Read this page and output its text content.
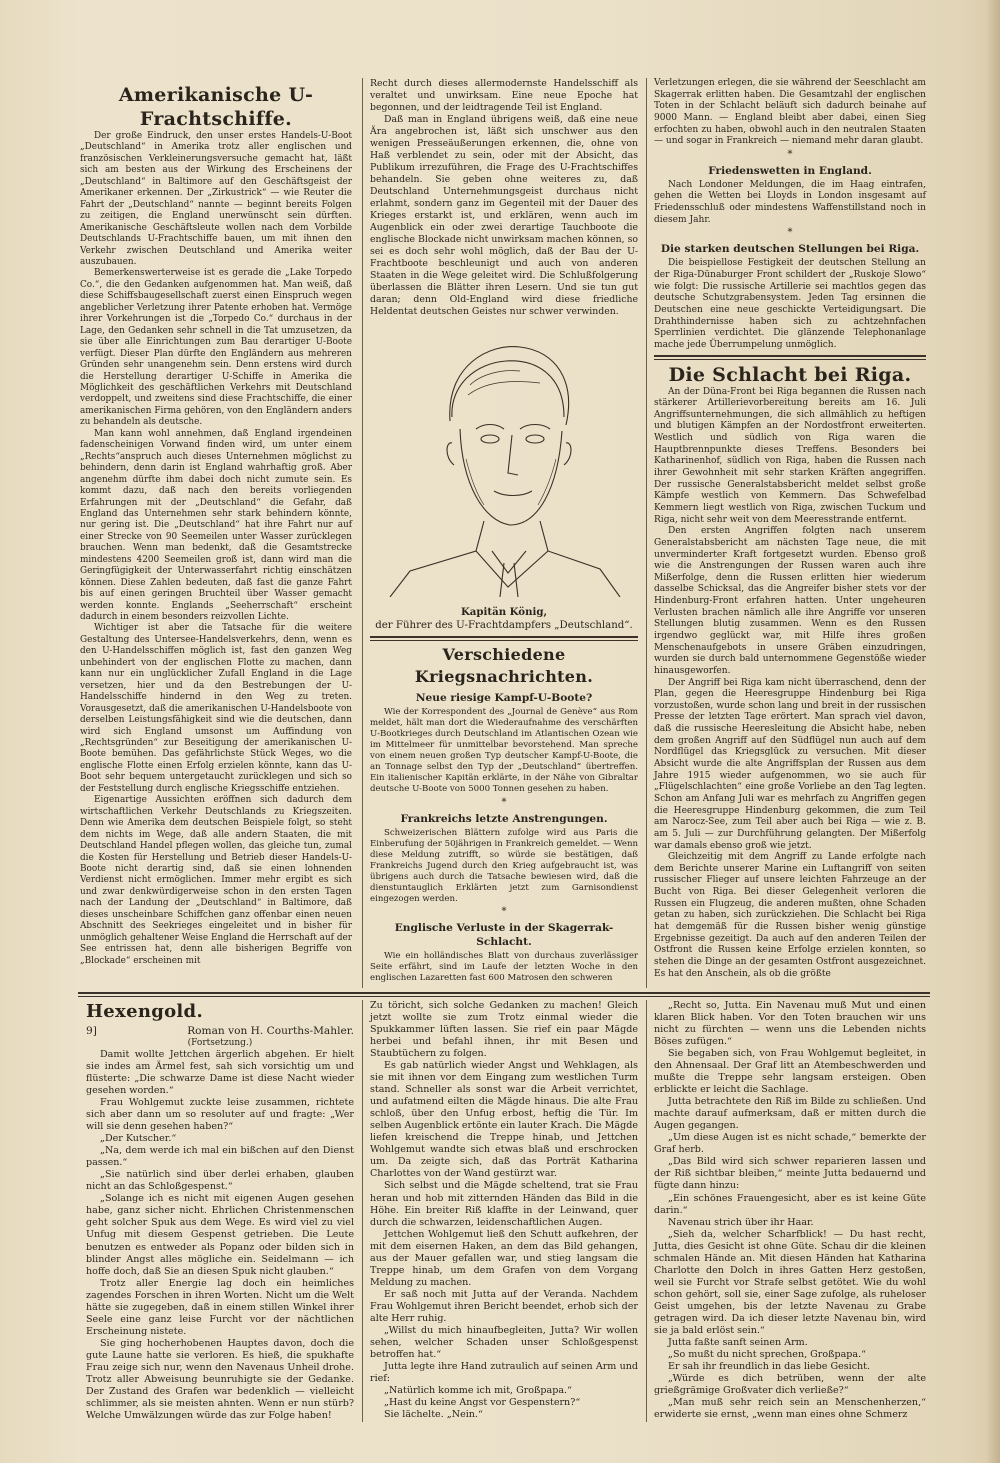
Amerikanische U-Frachtschiffe.

Der große Eindruck, den unser erstes Handels-U-Boot „Deutschland“ in Amerika trotz aller englischen und französischen Verkleinerungsversuche gemacht hat, läßt sich am besten aus der Wirkung des Erscheinens der „Deutschland“ in Baltimore auf den Geschäftsgeist der Amerikaner erkennen. Der „Zirkustrick“ — wie Reuter die Fahrt der „Deutschland“ nannte — beginnt bereits Folgen zu zeitigen, die England unerwünscht sein dürften. Amerikanische Geschäftsleute wollen nach dem Vorbilde Deutschlands U-Frachtschiffe bauen, um mit ihnen den Verkehr zwischen Deutschland und Amerika weiter auszubauen.

Bemerkenswerterweise ist es gerade die „Lake Torpedo Co.“, die den Gedanken aufgenommen hat. Man weiß, daß diese Schiffsbaugesellschaft zuerst einen Einspruch wegen angeblicher Verletzung ihrer Patente erhoben hat. Vermöge ihrer Vorkehrungen ist die „Torpedo Co.“ durchaus in der Lage, den Gedanken sehr schnell in die Tat umzusetzen, da sie über alle Einrichtungen zum Bau derartiger U-Boote verfügt. Dieser Plan dürfte den Engländern aus mehreren Gründen sehr unangenehm sein. Denn erstens wird durch die Herstellung derartiger U-Schiffe in Amerika die Möglichkeit des geschäftlichen Verkehrs mit Deutschland verdoppelt, und zweitens sind diese Frachtschiffe, die einer amerikanischen Firma gehören, von den Engländern anders zu behandeln als deutsche.

Man kann wohl annehmen, daß England irgendeinen fadenscheinigen Vorwand finden wird, um unter einem „Rechts“anspruch auch dieses Unternehmen möglichst zu behindern, denn darin ist England wahrhaftig groß. Aber angenehm dürfte ihm dabei doch nicht zumute sein. Es kommt dazu, daß nach den bereits vorliegenden Erfahrungen mit der „Deutschland“ die Gefahr, daß England das Unternehmen sehr stark behindern könnte, nur gering ist. Die „Deutschland“ hat ihre Fahrt nur auf einer Strecke von 90 Seemeilen unter Wasser zurücklegen brauchen. Wenn man bedenkt, daß die Gesamtstrecke mindestens 4200 Seemeilen groß ist, dann wird man die Geringfügigkeit der Unterwasserfahrt richtig einschätzen können. Diese Zahlen bedeuten, daß fast die ganze Fahrt bis auf einen geringen Bruchteil über Wasser gemacht werden konnte. Englands „Seeherrschaft“ erscheint dadurch in einem besonders reizvollen Lichte.

Wichtiger ist aber die Tatsache für die weitere Gestaltung des Untersee-Handelsverkehrs, denn, wenn es den U-Handelsschiffen möglich ist, fast den ganzen Weg unbehindert von der englischen Flotte zu machen, dann kann nur ein unglücklicher Zufall England in die Lage versetzen, hier und da den Bestrebungen der U-Handelsschiffe hindernd in den Weg zu treten. Vorausgesetzt, daß die amerikanischen U-Handelsboote von derselben Leistungsfähigkeit sind wie die deutschen, dann wird sich England umsonst um Auffindung von „Rechtsgründen“ zur Beseitigung der amerikanischen U-Boote bemühen. Das gefährlichste Stück Weges, wo die englische Flotte einen Erfolg erzielen könnte, kann das U-Boot sehr bequem untergetaucht zurücklegen und sich so der Feststellung durch englische Kriegsschiffe entziehen.

Eigenartige Aussichten eröffnen sich dadurch dem wirtschaftlichen Verkehr Deutschlands zu Kriegszeiten. Denn wie Amerika dem deutschen Beispiele folgt, so steht dem nichts im Wege, daß alle andern Staaten, die mit Deutschland Handel pflegen wollen, das gleiche tun, zumal die Kosten für Herstellung und Betrieb dieser Handels-U-Boote nicht derartig sind, daß sie einen lohnenden Verdienst nicht ermöglichen. Immer mehr ergibt es sich und zwar denkwürdigerweise schon in den ersten Tagen nach der Landung der „Deutschland“ in Baltimore, daß dieses unscheinbare Schiffchen ganz offenbar einen neuen Abschnitt des Seekrieges eingeleitet und in bisher für unmöglich gehaltener Weise England die Herrschaft auf der See entrissen hat, denn alle bisherigen Begriffe von „Blockade“ erscheinen mit

Recht durch dieses allermodernste Handelsschiff als veraltet und unwirksam. Eine neue Epoche hat begonnen, und der leidtragende Teil ist England.

Daß man in England übrigens weiß, daß eine neue Ära angebrochen ist, läßt sich unschwer aus den wenigen Presseäußerungen erkennen, die, ohne von Haß verblendet zu sein, oder mit der Absicht, das Publikum irrezuführen, die Frage des U-Frachtschiffes behandeln. Sie geben ohne weiteres zu, daß Deutschland Unternehmungsgeist durchaus nicht erlahmt, sondern ganz im Gegenteil mit der Dauer des Krieges erstarkt ist, und erklären, wenn auch im Augenblick ein oder zwei derartige Tauchboote die englische Blockade nicht unwirksam machen können, so sei es doch sehr wohl möglich, daß der Bau der U-Frachtboote beschleunigt und auch von anderen Staaten in die Wege geleitet wird. Die Schlußfolgerung überlassen die Blätter ihren Lesern. Und sie tun gut daran; denn Old-England wird diese friedliche Heldentat deutschen Geistes nur schwer verwinden.

Kapitän König,
der Führer des U-Frachtdampfers „Deutschland“.
Verschiedene Kriegsnachrichten.
Neue riesige Kampf-U-Boote?

Wie der Korrespondent des „Journal de Genève“ aus Rom meldet, hält man dort die Wiederaufnahme des verschärften U-Bootkrieges durch Deutschland im Atlantischen Ozean wie im Mittelmeer für unmittelbar bevorstehend. Man spreche von einem neuen großen Typ deutscher Kampf-U-Boote, die an Tonnage selbst den Typ der „Deutschland“ übertreffen. Ein italienischer Kapitän erklärte, in der Nähe von Gibraltar deutsche U-Boote von 5000 Tonnen gesehen zu haben.

*
Frankreichs letzte Anstrengungen.

Schweizerischen Blättern zufolge wird aus Paris die Einberufung der 50jährigen in Frankreich gemeldet. — Wenn diese Meldung zutrifft, so würde sie bestätigen, daß Frankreichs Jugend durch den Krieg aufgebraucht ist, was übrigens auch durch die Tatsache bewiesen wird, daß die dienstuntauglich Erklärten jetzt zum Garnisondienst eingezogen werden.

*
Englische Verluste in der Skagerrak-Schlacht.

Wie ein holländisches Blatt von durchaus zuverlässiger Seite erfährt, sind im Laufe der letzten Woche in den englischen Lazaretten fast 600 Matrosen den schweren

Verletzungen erlegen, die sie während der Seeschlacht am Skagerrak erlitten haben. Die Gesamtzahl der englischen Toten in der Schlacht beläuft sich dadurch beinahe auf 9000 Mann. — England bleibt aber dabei, einen Sieg erfochten zu haben, obwohl auch in den neutralen Staaten — und sogar in Frankreich — niemand mehr daran glaubt.

*
Friedenswetten in England.

Nach Londoner Meldungen, die im Haag eintrafen, gehen die Wetten bei Lloyds in London insgesamt auf Friedensschluß oder mindestens Waffenstillstand noch in diesem Jahr.

*
Die starken deutschen Stellungen bei Riga.

Die beispiellose Festigkeit der deutschen Stellung an der Riga-Dünaburger Front schildert der „Ruskoje Slowo“ wie folgt: Die russische Artillerie sei machtlos gegen das deutsche Schutzgrabensystem. Jeden Tag ersinnen die Deutschen eine neue geschickte Verteidigungsart. Die Drahthindernisse haben sich zu achtzehnfachen Sperrlinien verdichtet. Die glänzende Telephonanlage mache jede Überrumpelung unmöglich.

Die Schlacht bei Riga.

An der Düna-Front bei Riga begannen die Russen nach stärkerer Artillerievorbereitung bereits am 16. Juli Angriffsunternehmungen, die sich allmählich zu heftigen und blutigen Kämpfen an der Nordostfront erweiterten. Westlich und südlich von Riga waren die Hauptbrennpunkte dieses Treffens. Besonders bei Katharinenhof, südlich von Riga, haben die Russen nach ihrer Gewohnheit mit sehr starken Kräften angegriffen. Der russische Generalstabsbericht meldet selbst große Kämpfe westlich von Kemmern. Das Schwefelbad Kemmern liegt westlich von Riga, zwischen Tuckum und Riga, nicht sehr weit von dem Meeresstrande entfernt.

Den ersten Angriffen folgten nach unserem Generalstabsbericht am nächsten Tage neue, die mit unverminderter Kraft fortgesetzt wurden. Ebenso groß wie die Anstrengungen der Russen waren auch ihre Mißerfolge, denn die Russen erlitten hier wiederum dasselbe Schicksal, das die Angreifer bisher stets vor der Hindenburg-Front erfahren hatten. Unter ungeheuren Verlusten brachen nämlich alle ihre Angriffe vor unseren Stellungen blutig zusammen. Wenn es den Russen irgendwo geglückt war, mit Hilfe ihres großen Menschenaufgebots in unsere Gräben einzudringen, wurden sie durch bald unternommene Gegenstöße wieder hinausgeworfen.

Der Angriff bei Riga kam nicht überraschend, denn der Plan, gegen die Heeresgruppe Hindenburg bei Riga vorzustoßen, wurde schon lang und breit in der russischen Presse der letzten Tage erörtert. Man sprach viel davon, daß die russische Heeresleitung die Absicht habe, neben dem großen Angriff auf den Südflügel nun auch auf dem Nordflügel das Kriegsglück zu versuchen. Mit dieser Absicht wurde die alte Angriffsplan der Russen aus dem Jahre 1915 wieder aufgenommen, wo sie auch für „Flügelschlachten“ eine große Vorliebe an den Tag legten. Schon am Anfang Juli war es mehrfach zu Angriffen gegen die Heeresgruppe Hindenburg gekommen, die zum Teil am Narocz-See, zum Teil aber auch bei Riga — wie z. B. am 5. Juli — zur Durchführung gelangten. Der Mißerfolg war damals ebenso groß wie jetzt.

Gleichzeitig mit dem Angriff zu Lande erfolgte nach dem Berichte unserer Marine ein Luftangriff von seiten russischer Flieger auf unsere leichten Fahrzeuge an der Bucht von Riga. Bei dieser Gelegenheit verloren die Russen ein Flugzeug, die anderen mußten, ohne Schaden getan zu haben, sich zurückziehen. Die Schlacht bei Riga hat demgemäß für die Russen bisher wenig günstige Ergebnisse gezeitigt. Da auch auf den anderen Teilen der Ostfront die Russen keine Erfolge erzielen konnten, so stehen die Dinge an der gesamten Ostfront ausgezeichnet. Es hat den Anschein, als ob die größte

Hexengold.
9]	Roman von H. Courths-Mahler.
(Fortsetzung.)

Damit wollte Jettchen ärgerlich abgehen. Er hielt sie indes am Ärmel fest, sah sich vorsichtig um und flüsterte: „Die schwarze Dame ist diese Nacht wieder gesehen worden.“

Frau Wohlgemut zuckte leise zusammen, richtete sich aber dann um so resoluter auf und fragte: „Wer will sie denn gesehen haben?“

„Der Kutscher.“

„Na, dem werde ich mal ein bißchen auf den Dienst passen.“

„Sie natürlich sind über derlei erhaben, glauben nicht an das Schloßgespenst.“

„Solange ich es nicht mit eigenen Augen gesehen habe, ganz sicher nicht. Ehrlichen Christenmenschen geht solcher Spuk aus dem Wege. Es wird viel zu viel Unfug mit diesem Gespenst getrieben. Die Leute benutzen es entweder als Popanz oder bilden sich in blinder Angst alles mögliche ein. Seidelmann — ich hoffe doch, daß Sie an diesen Spuk nicht glauben.“

Trotz aller Energie lag doch ein heimliches zagendes Forschen in ihren Worten. Nicht um die Welt hätte sie zugegeben, daß in einem stillen Winkel ihrer Seele eine ganz leise Furcht vor der nächtlichen Erscheinung nistete.

Sie ging hocherhobenen Hauptes davon, doch die gute Laune hatte sie verloren. Es hieß, die spukhafte Frau zeige sich nur, wenn den Navenaus Unheil drohe. Trotz aller Abweisung beunruhigte sie der Gedanke. Der Zustand des Grafen war bedenklich — vielleicht schlimmer, als sie meisten ahnten. Wenn er nun stürb? Welche Umwälzungen würde das zur Folge haben!

Zu töricht, sich solche Gedanken zu machen! Gleich jetzt wollte sie zum Trotz einmal wieder die Spukkammer lüften lassen. Sie rief ein paar Mägde herbei und befahl ihnen, ihr mit Besen und Staubtüchern zu folgen.

Es gab natürlich wieder Angst und Wehklagen, als sie mit ihnen vor dem Eingang zum westlichen Turm stand. Schneller als sonst war die Arbeit verrichtet, und aufatmend eilten die Mägde hinaus. Die alte Frau schloß, über den Unfug erbost, heftig die Tür. Im selben Augenblick ertönte ein lauter Krach. Die Mägde liefen kreischend die Treppe hinab, und Jettchen Wohlgemut wandte sich etwas blaß und erschrocken um. Da zeigte sich, daß das Porträt Katharina Charlottes von der Wand gestürzt war.

Sich selbst und die Mägde scheltend, trat sie Frau heran und hob mit zitternden Händen das Bild in die Höhe. Ein breiter Riß klaffte in der Leinwand, quer durch die schwarzen, leidenschaftlichen Augen.

Jettchen Wohlgemut ließ den Schutt aufkehren, der mit dem eisernen Haken, an dem das Bild gehangen, aus der Mauer gefallen war, und stieg langsam die Treppe hinab, um dem Grafen von dem Vorgang Meldung zu machen.

Er saß noch mit Jutta auf der Veranda. Nachdem Frau Wohlgemut ihren Bericht beendet, erhob sich der alte Herr ruhig.

„Willst du mich hinaufbegleiten, Jutta? Wir wollen sehen, welcher Schaden unser Schloßgespenst betroffen hat.“

Jutta legte ihre Hand zutraulich auf seinen Arm und rief:

„Natürlich komme ich mit, Großpapa.“

„Hast du keine Angst vor Gespenstern?“

Sie lächelte. „Nein.“

„Recht so, Jutta. Ein Navenau muß Mut und einen klaren Blick haben. Vor den Toten brauchen wir uns nicht zu fürchten — wenn uns die Lebenden nichts Böses zufügen.“

Sie begaben sich, von Frau Wohlgemut begleitet, in den Ahnensaal. Der Graf litt an Atembeschwerden und mußte die Treppe sehr langsam ersteigen. Oben erblickte er leicht die Sachlage.

Jutta betrachtete den Riß im Bilde zu schließen. Und machte darauf aufmerksam, daß er mitten durch die Augen gegangen.

„Um diese Augen ist es nicht schade,“ bemerkte der Graf herb.

„Das Bild wird sich schwer reparieren lassen und der Riß sichtbar bleiben,“ meinte Jutta bedauernd und fügte dann hinzu:

„Ein schönes Frauengesicht, aber es ist keine Güte darin.“

Navenau strich über ihr Haar.

„Sieh da, welcher Scharfblick! — Du hast recht, Jutta, dies Gesicht ist ohne Güte. Schau dir die kleinen schmalen Hände an. Mit diesen Händen hat Katharina Charlotte den Dolch in ihres Gatten Herz gestoßen, weil sie Furcht vor Strafe selbst getötet. Wie du wohl schon gehört, soll sie, einer Sage zufolge, als ruheloser Geist umgehen, bis der letzte Navenau zu Grabe getragen wird. Da ich dieser letzte Navenau bin, wird sie ja bald erlöst sein.“

Jutta faßte sanft seinen Arm.

„So mußt du nicht sprechen, Großpapa.“

Er sah ihr freundlich in das liebe Gesicht.

„Würde es dich betrüben, wenn der alte grießgrämige Großvater dich verließe?“

„Man muß sehr reich sein an Menschenherzen,“ erwiderte sie ernst, „wenn man eines ohne Schmerz
